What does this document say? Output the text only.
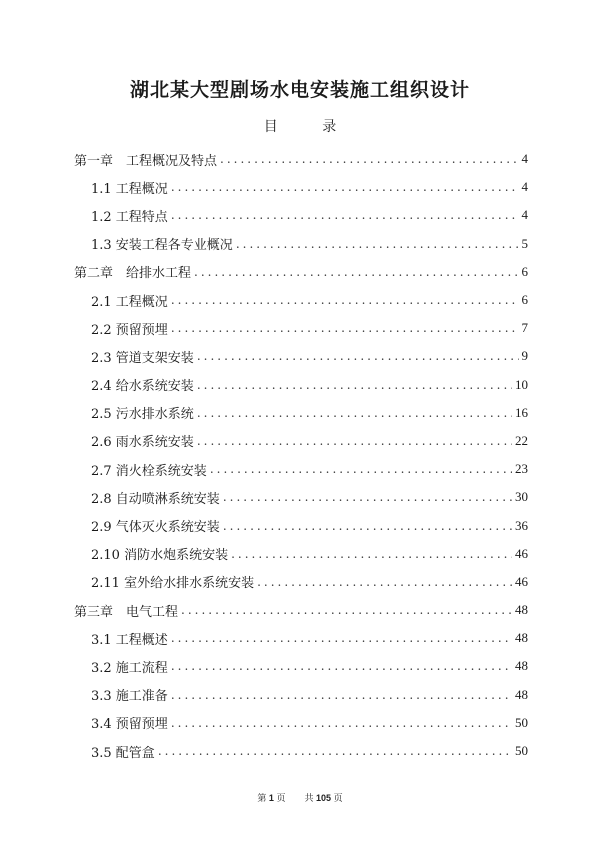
湖北某大型剧场水电安装施工组织设计
目 录
第一章　工程概况及特点 .....	4
1.1 工程概况 .....	4
1.2 工程特点 .....	4
1.3 安装工程各专业概况 .....	5
第二章　给排水工程 .....	6
2.1 工程概况 .....	6
2.2 预留预埋 .....	7
2.3 管道支架安装 .....	9
2.4 给水系统安装 .....	10
2.5 污水排水系统 .....	16
2.6 雨水系统安装 .....	22
2.7 消火栓系统安装 .....	23
2.8 自动喷淋系统安装 .....	30
2.9 气体灭火系统安装 .....	36
2.10 消防水炮系统安装 .....	46
2.11 室外给水排水系统安装 .....	46
第三章　电气工程 .....	48
3.1 工程概述 .....	48
3.2 施工流程 .....	48
3.3 施工准备 .....	48
3.4 预留预埋 .....	50
3.5 配管盒 .....	50
第 1 页 共 105 页
